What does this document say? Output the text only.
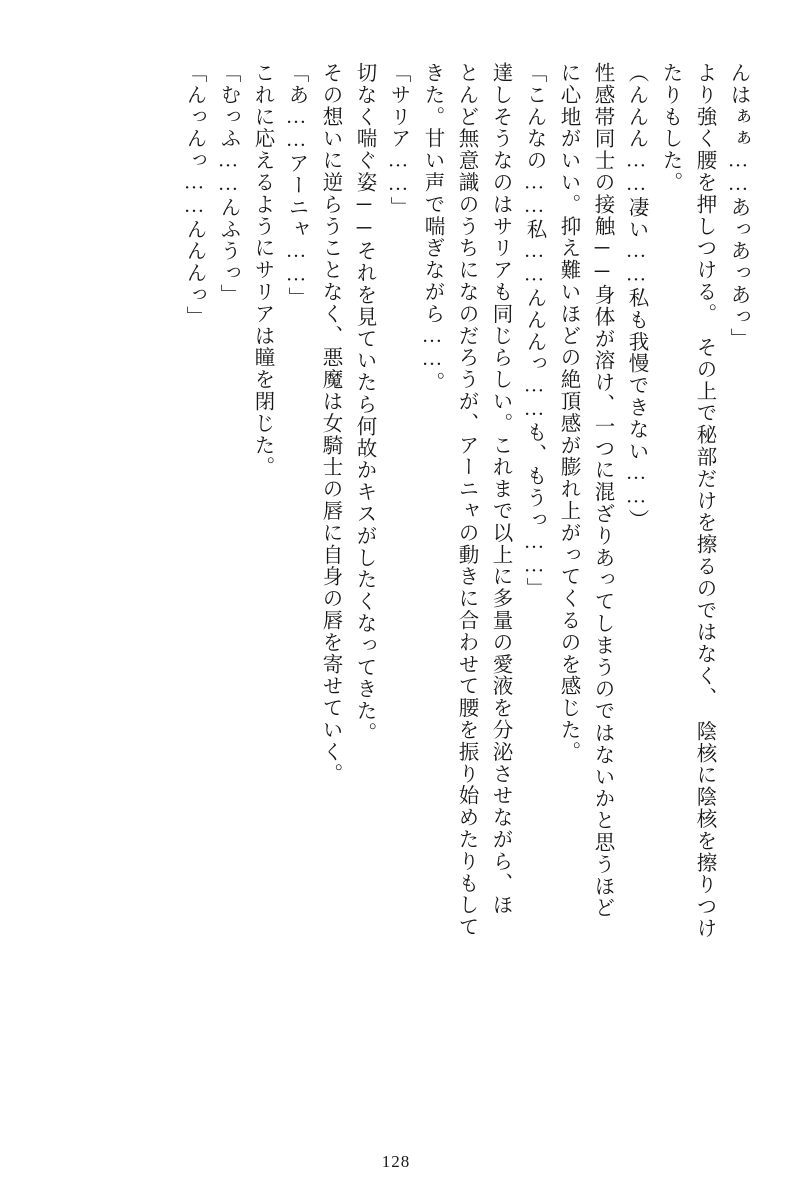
んはぁぁ……あっあっあっ」
より強く腰を押しつける。　その上で秘部だけを擦るのではなく、　陰核に陰核を擦りつけ
たりもした。
（んんん……凄い……私も我慢できない……）
性感帯同士の接触──身体が溶け、一つに混ざりあってしまうのではないかと思うほど
に心地がいい。抑え難いほどの絶頂感が膨れ上がってくるのを感じた。
「こんなの……私……んんんっ……も、もうっ……」
達しそうなのはサリアも同じらしい。これまで以上に多量の愛液を分泌させながら、ほ
とんど無意識のうちになのだろうが、アーニャの動きに合わせて腰を振り始めたりもして
きた。甘い声で喘ぎながら……。
「サリア……」
切なく喘ぐ姿──それを見ていたら何故かキスがしたくなってきた。
その想いに逆らうことなく、悪魔は女騎士の唇に自身の唇を寄せていく。
「あ……アーニャ……」
これに応えるようにサリアは瞳を閉じた。
「むっふ……んふうっ」
「んっんっ……んんんっ」
128
